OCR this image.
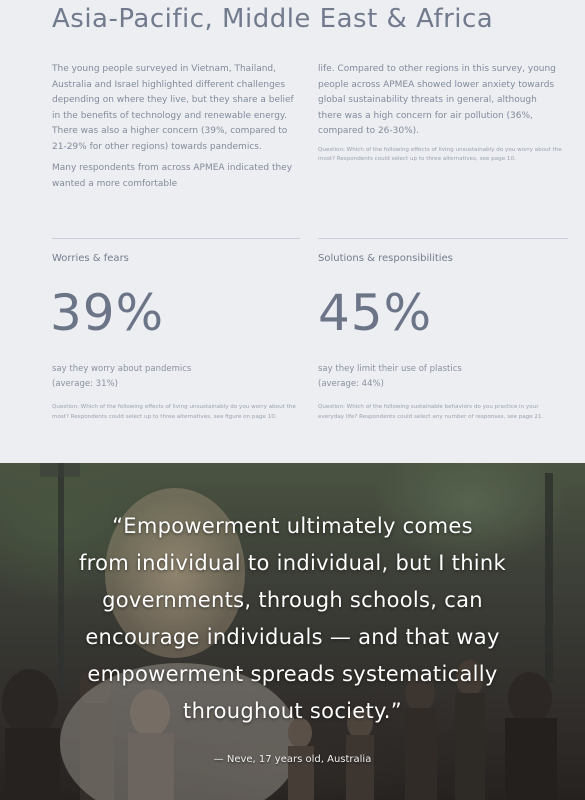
Asia-Pacific, Middle East & Africa

The young people surveyed in Vietnam, Thailand, Australia and Israel highlighted different challenges depending on where they live, but they share a belief in the benefits of technology and renewable energy. There was also a higher concern (39%, compared to 21-29% for other regions) towards pandemics.

Many respondents from across APMEA indicated they wanted a more comfortable

life. Compared to other regions in this survey, young people across APMEA showed lower anxiety towards global sustainability threats in general, although there was a high concern for air pollution (36%, compared to 26-30%).

Question: Which of the following effects of living unsustainably do you worry about the most? Respondents could select up to three alternatives, see page 10.

Worries & fears
39%
say they worry about pandemics
(average: 31%)
Question: Which of the following effects of living unsustainably do you worry about the most? Respondents could select up to three alternatives, see figure on page 10.
Solutions & responsibilities
45%
say they limit their use of plastics
(average: 44%)
Question: Which of the following sustainable behaviors do you practice in your everyday life? Respondents could select any number of responses, see page 21.

“Empowerment ultimately comes
from individual to individual, but I think
governments, through schools, can
encourage individuals — and that way
empowerment spreads systematically
throughout society.”

— Neve, 17 years old, Australia
